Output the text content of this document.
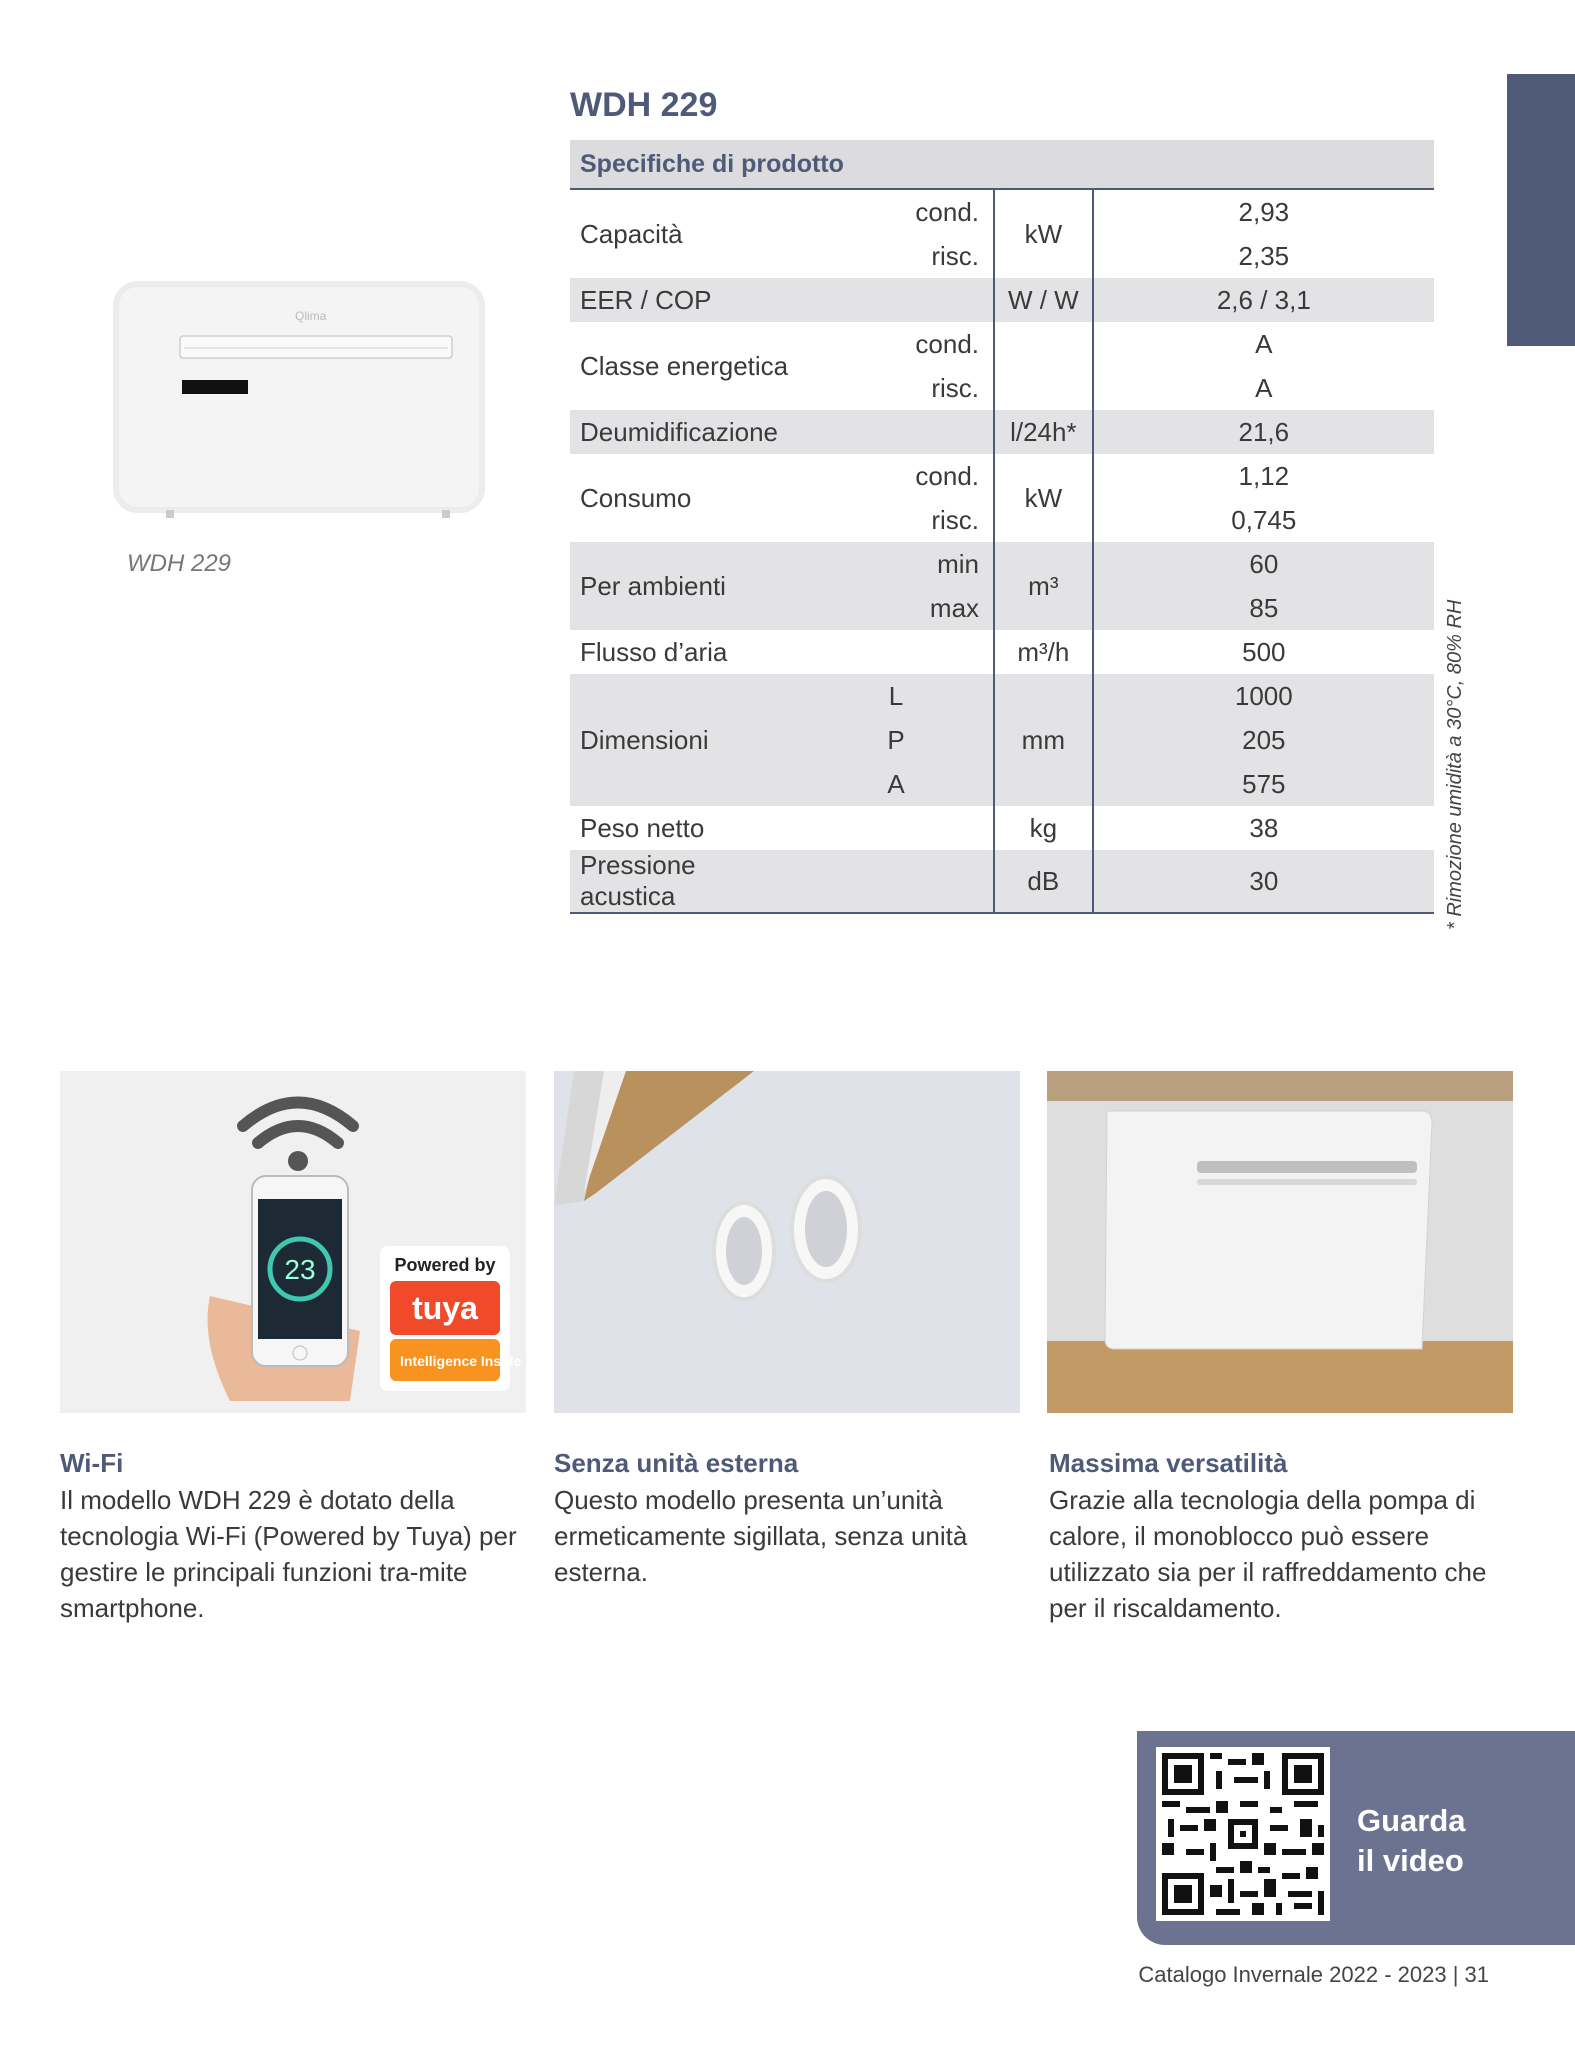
Qlima
WDH 229
WDH 229
Specifiche di prodotto			
Capacità	cond.	kW	2,93
	risc.		2,35
EER / COP		W / W	2,6 / 3,1
Classe energetica	cond.		A
	risc.		A
Deumidificazione		l/24h*	21,6
Consumo	cond.	kW	1,12
	risc.		0,745
Per ambienti	min	m³	60
	max		85
Flusso d’aria		m³/h	500
Dimensioni	L	mm	1000
	P		205
	A		575
Peso netto		kg	38
Pressione acustica		dB	30	* Rimozione umidità a 30°C, 80% RH
23	Powered by
tuya
Intelligence Inside
Wi-Fi
Il modello WDH 229 è dotato della tecnologia Wi-Fi (Powered by Tuya) per gestire le principali funzioni tra-mite smartphone.
Senza unità esterna
Questo modello presenta un’unità ermeticamente sigillata, senza unità esterna.
Massima versatilità
Grazie alla tecnologia della pompa di calore, il monoblocco può essere utilizzato sia per il raffreddamento che per il riscaldamento.
Guarda
il video
Catalogo Invernale 2022 - 2023 | 31
